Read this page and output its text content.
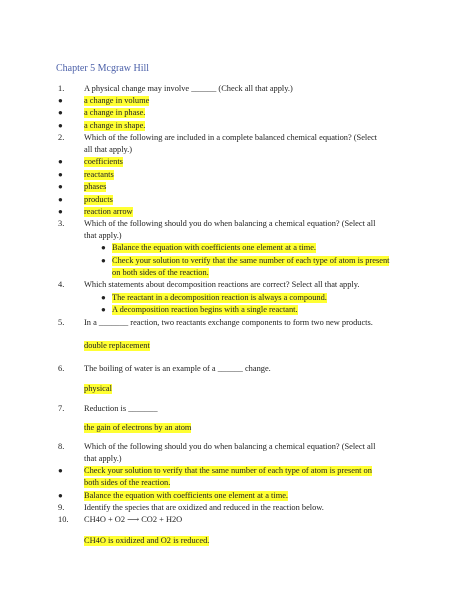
Chapter 5 Mcgraw Hill
1. A physical change may involve ______ (Check all that apply.)
●	a change in volume
●	a change in phase.
●	a change in shape.
2. Which of the following are included in a complete balanced chemical equation? (Select
all that apply.)
●	coefficients
●	reactants
●	phases
●	products
●	reaction arrow
3. Which of the following should you do when balancing a chemical equation? (Select all
that apply.)
● Balance the equation with coefficients one element at a time.
● Check your solution to verify that the same number of each type of atom is present
on both sides of the reaction.
4. Which statements about decomposition reactions are correct? Select all that apply.
● The reactant in a decomposition reaction is always a compound.
● A decomposition reaction begins with a single reactant.
5. In a _______ reaction, two reactants exchange components to form two new products.
double replacement
6. The boiling of water is an example of a ______ change.
physical
7. Reduction is _______
the gain of electrons by an atom
8. Which of the following should you do when balancing a chemical equation? (Select all
that apply.)
●	Check your solution to verify that the same number of each type of atom is present on
both sides of the reaction.
●	Balance the equation with coefficients one element at a time.
9. Identify the species that are oxidized and reduced in the reaction below.
10. CH4O + O2 ⟶ CO2 + H2O
CH4O is oxidized and O2 is reduced.
